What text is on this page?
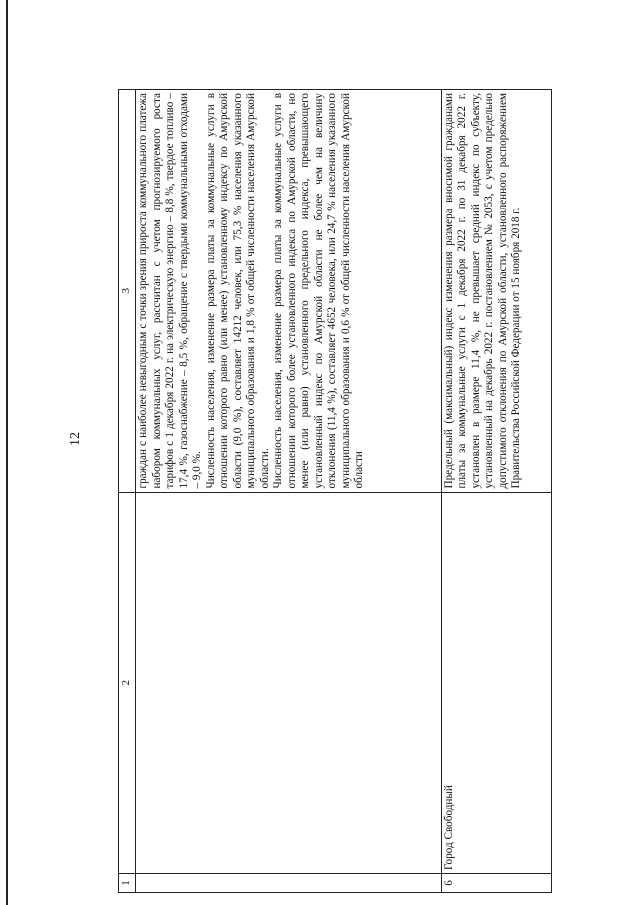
12
1	2	3

		граждан с наиболее невыгодным с точки зрения прироста коммунального платежа набором коммунальных услуг, рассчитан с учетом прогнозируемого роста тарифов с 1 декабря 2022 г. на электрическую энергию – 8,8 %, твердое топливо – 17,4 %, газоснабжение – 8,5 %, обращение с твердыми коммунальными отходами – 9,0 %. Численность населения, изменение размера платы за коммунальные услуги в отношении которого равно (или менее) установленному индексу по Амурской области (9,0 %), составляет 14212 человек, или 75,3 % населения указанного муниципального образования и 1,8 % от общей численности населения Амурской области. Численность населения, изменение размера платы за коммунальные услуги в отношении которого более установленного индекса по Амурской области, но менее (или равно) установленного предельного индекса, превышающего установленный индекс по Амурской области не более чем на величину отклонения (11,4 %), составляет 4652 человека, или 24,7 % населения указанного муниципального образования и 0,6 % от общей численности населения Амурской области

6	Город Свободный	Предельный (максимальный) индекс изменения размера вносимой гражданами платы за коммунальные услуги с 1 декабря 2022 г. по 31 декабря 2022 г. установлен в размере 11,4 %, не превышает средний индекс по субъекту, установленный на декабрь 2022 г. постановлением № 2053, с учетом предельно допустимого отклонения по Амурской области, установленного распоряжением Правительства Российской Федерации от 15 ноября 2018 г.
